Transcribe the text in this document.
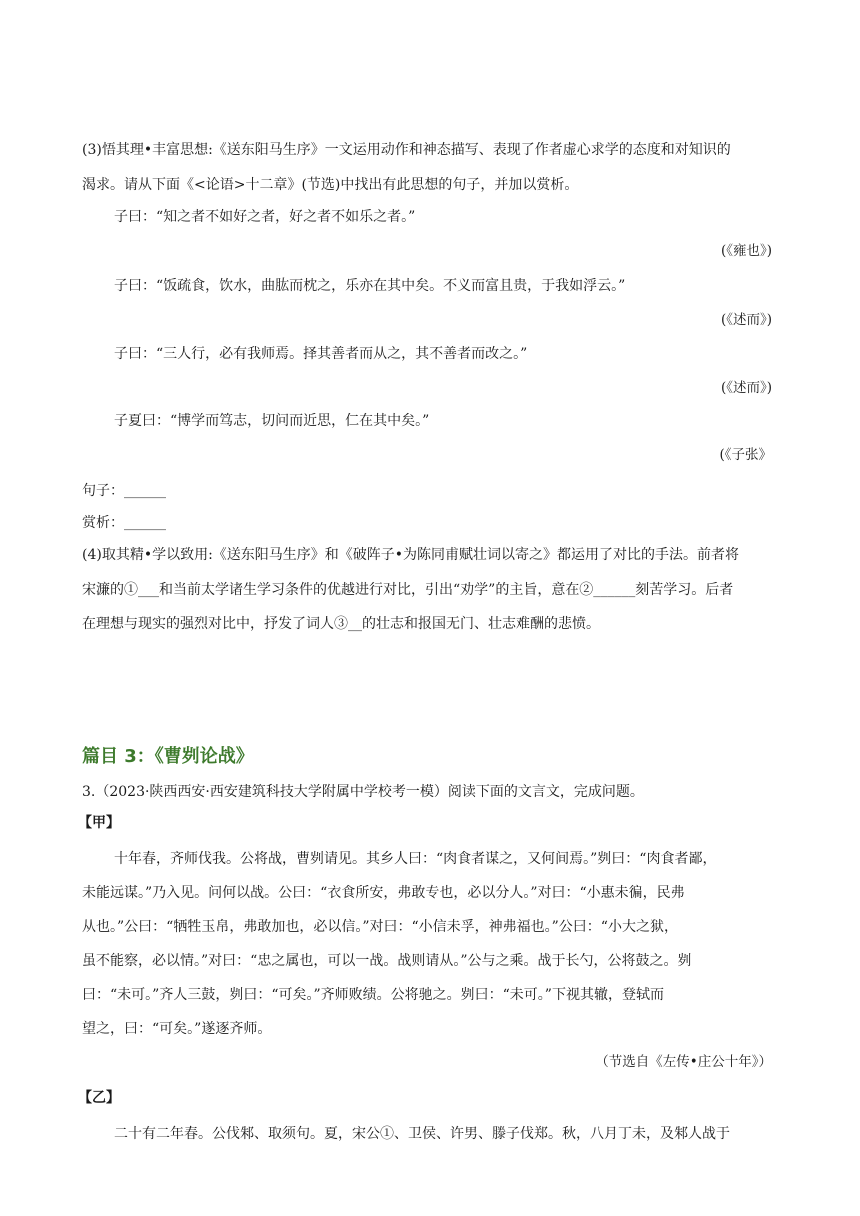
(3)悟其理•丰富思想:《送东阳马生序》一文运用动作和神态描写、表现了作者虚心求学的态度和对知识的
渴求。请从下面《<论语>十二章》(节选)中找出有此思想的句子，并加以赏析。
子曰：“知之者不如好之者，好之者不如乐之者。”
(《雍也》)
子曰：“饭疏食，饮水，曲肱而枕之，乐亦在其中矣。不义而富且贵，于我如浮云。”
(《述而》)
子曰：“三人行，必有我师焉。择其善者而从之，其不善者而改之。”
(《述而》)
子夏曰：“博学而笃志，切问而近思，仁在其中矣。”
(《子张》
句子：______
赏析：______
(4)取其精•学以致用:《送东阳马生序》和《破阵子•为陈同甫赋壮词以寄之》都运用了对比的手法。前者将
宋濂的①___和当前太学诸生学习条件的优越进行对比，引出“劝学”的主旨，意在②______刻苦学习。后者
在理想与现实的强烈对比中，抒发了词人③__的壮志和报国无门、壮志难酬的悲愤。
篇目 3：《曹刿论战》
3.（2023·陕西西安·西安建筑科技大学附属中学校考一模）阅读下面的文言文，完成问题。
【甲】
十年春，齐师伐我。公将战，曹刿请见。其乡人曰：“肉食者谋之，又何间焉。”刿曰：“肉食者鄙，
未能远谋。”乃入见。问何以战。公曰：“衣食所安，弗敢专也，必以分人。”对曰：“小惠未徧，民弗
从也。”公曰：“牺牲玉帛，弗敢加也，必以信。”对曰：“小信未孚，神弗福也。”公曰：“小大之狱，
虽不能察，必以情。”对曰：“忠之属也，可以一战。战则请从。”公与之乘。战于长勺，公将鼓之。刿
曰：“未可。”齐人三鼓，刿曰：“可矣。”齐师败绩。公将驰之。刿曰：“未可。”下视其辙，登轼而
望之，曰：“可矣。”遂逐齐师。
（节选自《左传•庄公十年》）
【乙】
二十有二年春。公伐邾、取须句。夏，宋公①、卫侯、许男、滕子伐郑。秋，八月丁未，及邾人战于
